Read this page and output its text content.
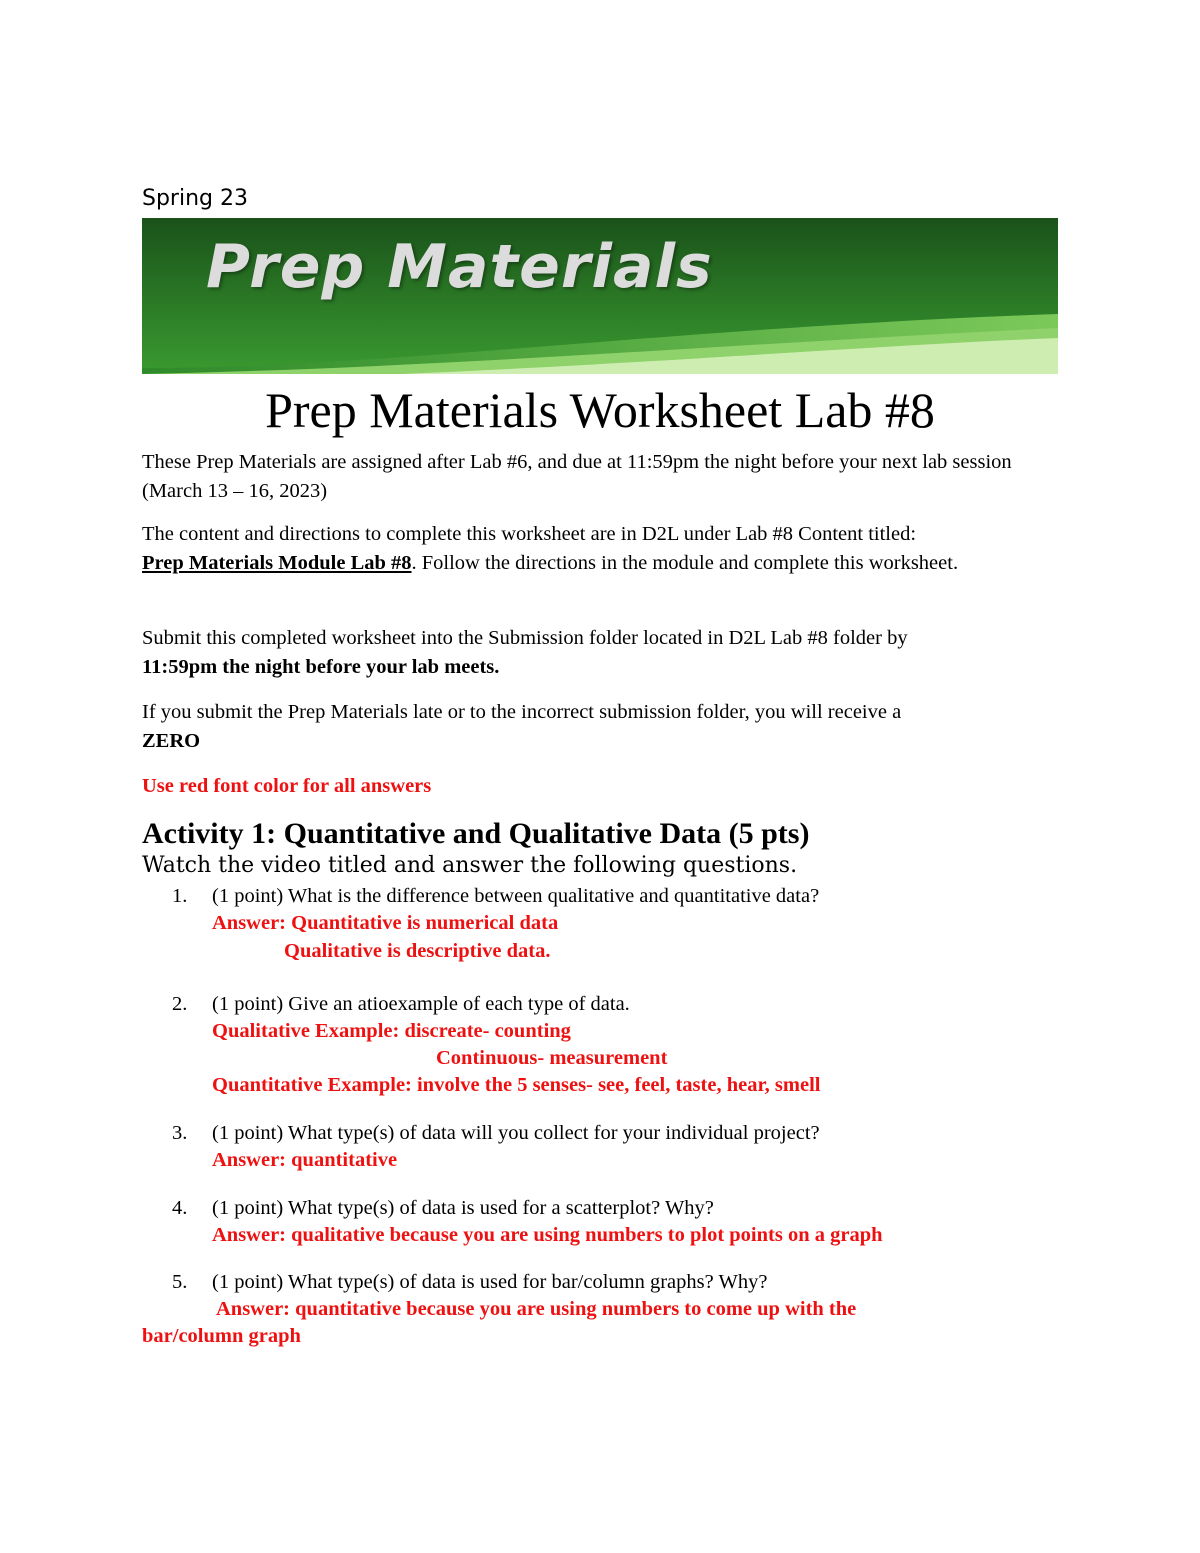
Spring 23
Prep Materials
Prep Materials Worksheet Lab #8

These Prep Materials are assigned after Lab #6, and due at 11:59pm the night before your next lab session (March 13 – 16, 2023)

The content and directions to complete this worksheet are in D2L under Lab #8 Content titled:
Prep Materials Module Lab #8. Follow the directions in the module and complete this worksheet.

Submit this completed worksheet into the Submission folder located in D2L Lab #8 folder by
11:59pm the night before your lab meets.

If you submit the Prep Materials late or to the incorrect submission folder, you will receive a
ZERO

Use red font color for all answers

Activity 1: Quantitative and Qualitative Data (5 pts)
Watch the video titled and answer the following questions.
1. (1 point) What is the difference between qualitative and quantitative data?
Answer: Quantitative is numerical data
Qualitative is descriptive data.
2. (1 point) Give an atioexample of each type of data.
Qualitative Example: discreate- counting
Continuous- measurement
Quantitative Example: involve the 5 senses- see, feel, taste, hear, smell
3. (1 point) What type(s) of data will you collect for your individual project?
Answer: quantitative
4. (1 point) What type(s) of data is used for a scatterplot? Why?
Answer: qualitative because you are using numbers to plot points on a graph
5. (1 point) What type(s) of data is used for bar/column graphs? Why?
Answer: quantitative because you are using numbers to come up with the
bar/column graph
